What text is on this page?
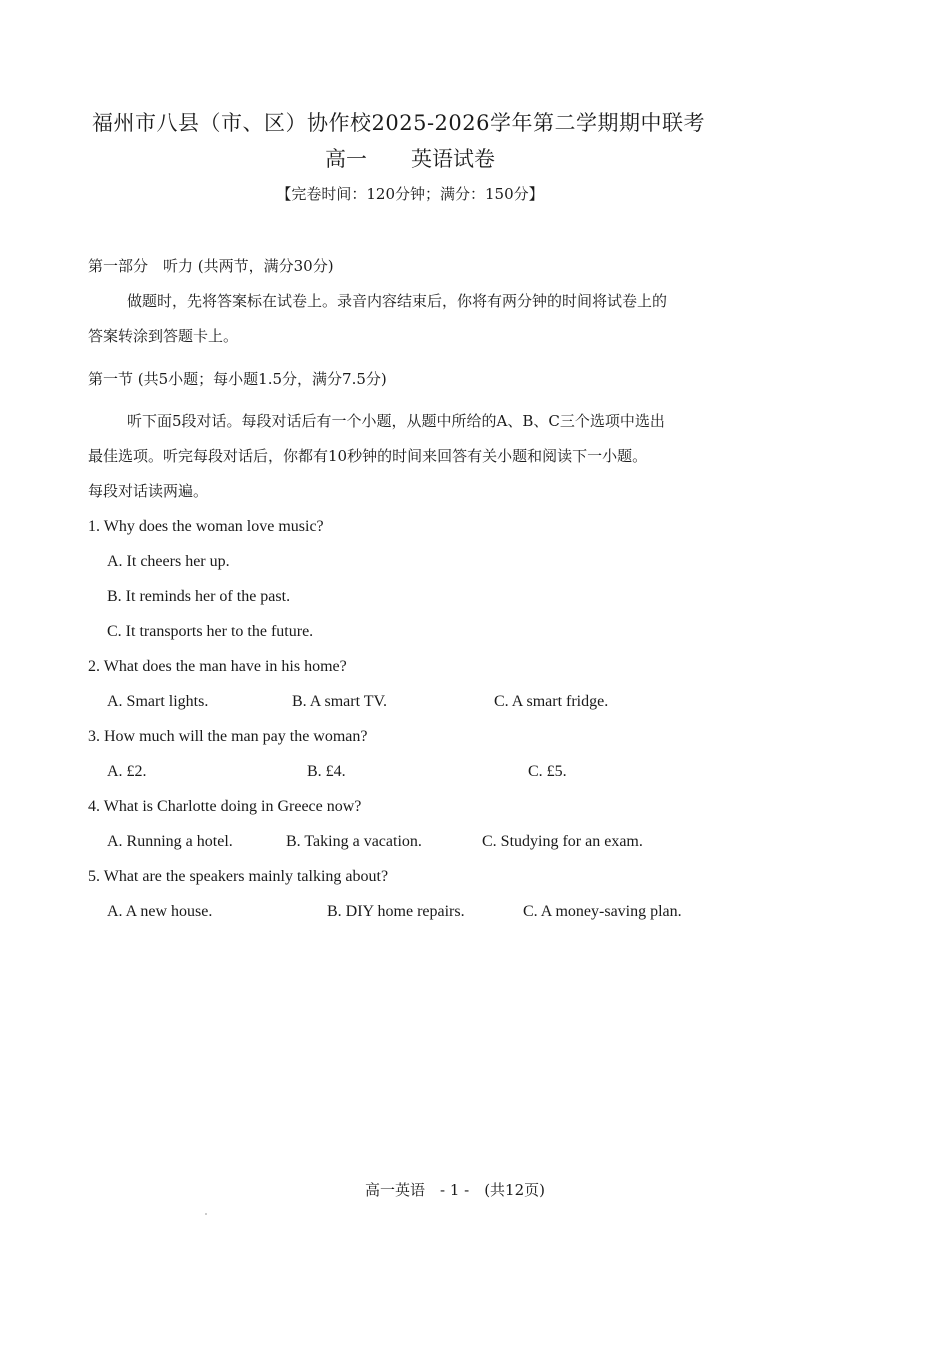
福州市八县（市、区）协作校2025-2026学年第二学期期中联考
高一 英语试卷
【完卷时间：120分钟；满分：150分】
第一部分　听力 (共两节，满分30分)
做题时，先将答案标在试卷上。录音内容结束后，你将有两分钟的时间将试卷上的
答案转涂到答题卡上。
第一节 (共5小题；每小题1.5分，满分7.5分)
听下面5段对话。每段对话后有一个小题，从题中所给的A、B、C三个选项中选出
最佳选项。听完每段对话后，你都有10秒钟的时间来回答有关小题和阅读下一小题。
每段对话读两遍。
1. Why does the woman love music?
A. It cheers her up.
B. It reminds her of the past.
C. It transports her to the future.
2. What does the man have in his home?
A. Smart lights.	B. A smart TV.	C. A smart fridge.
3. How much will the man pay the woman?
A. £2.	B. £4.	C. £5.
4. What is Charlotte doing in Greece now?
A. Running a hotel.	B. Taking a vacation.	C. Studying for an exam.
5. What are the speakers mainly talking about?
A. A new house.	B. DIY home repairs.	C. A money-saving plan.
高一英语　- 1 -　(共12页)
